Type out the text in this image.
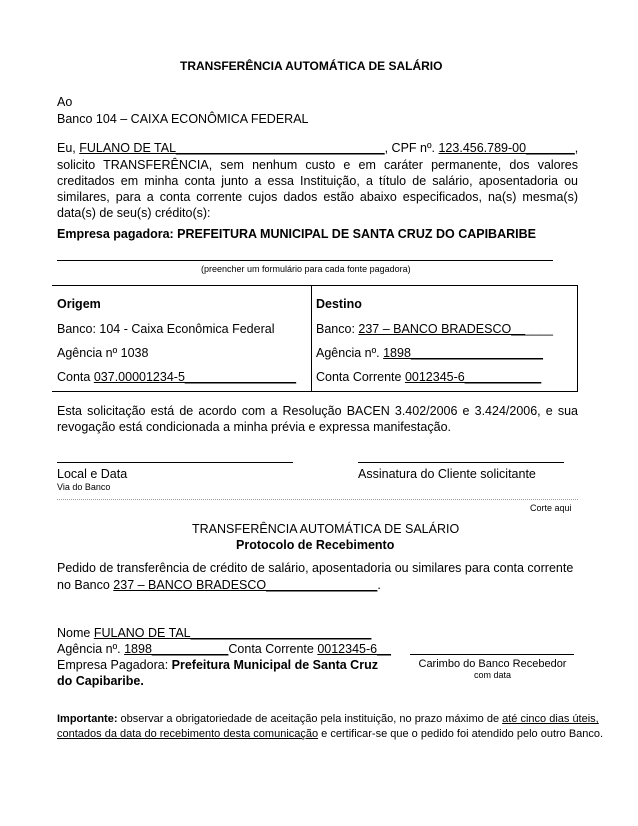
TRANSFERÊNCIA AUTOMÁTICA DE SALÁRIO
Ao
Banco 104 – CAIXA ECONÔMICA FEDERAL
Eu, FULANO DE TAL______________________________, CPF nº. 123.456.789-00_______,
solicito TRANSFERÊNCIA, sem nenhum custo e em caráter permanente, dos valores creditados em minha conta junto a essa Instituição, a título de salário, aposentadoria ou similares, para a conta corrente cujos dados estão abaixo especificados, na(s) mesma(s) data(s) de seu(s) crédito(s):
Empresa pagadora: PREFEITURA MUNICIPAL DE SANTA CRUZ DO CAPIBARIBE
(preencher um formulário para cada fonte pagadora)
Origem
Banco: 104 - Caixa Econômica Federal
Agência nº 1038
Conta 037.00001234-5________________
Destino
Banco: 237 – BANCO BRADESCO______
Agência nº. 1898___________________
Conta Corrente 0012345-6___________
Esta solicitação está de acordo com a Resolução BACEN 3.402/2006 e 3.424/2006, e sua revogação está condicionada a minha prévia e expressa manifestação.
Local e Data	Assinatura do Cliente solicitante
Via do Banco
Corte aqui
TRANSFERÊNCIA AUTOMÁTICA DE SALÁRIO
Protocolo de Recebimento
Pedido de transferência de crédito de salário, aposentadoria ou similares para conta corrente
no Banco 237 – BANCO BRADESCO________________.
Nome FULANO DE TAL__________________________
Agência nº. 1898___________Conta Corrente 0012345-6__
Empresa Pagadora: Prefeitura Municipal de Santa Cruz
do Capibaribe.
Carimbo do Banco Recebedor
com data
Importante: observar a obrigatoriedade de aceitação pela instituição, no prazo máximo de até cinco dias úteis,
contados da data do recebimento desta comunicação e certificar-se que o pedido foi atendido pelo outro Banco.
